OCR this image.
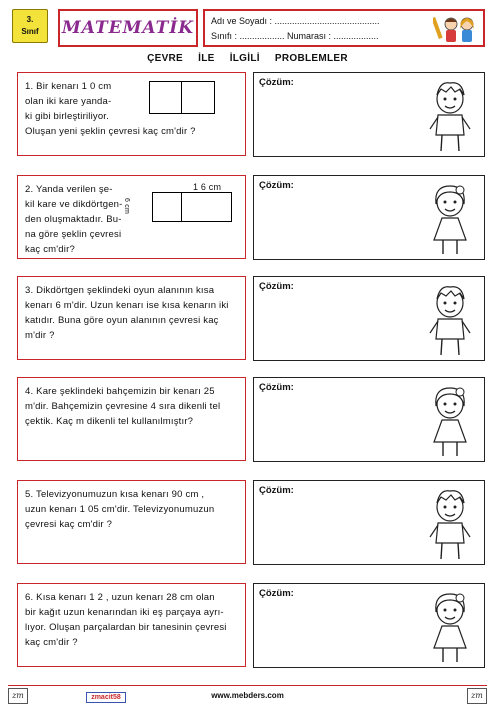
3.
Sınıf	MATEMATİK Adı ve Soyadı : ..........................................
Sınıfı : .................. Numarası : ..................
ÇEVRE İLE İLGİLİ PROBLEMLER
1. Bir kenarı 1 0 cm
olan iki kare yanda-
ki gibi birleştiriliyor.
Oluşan yeni şeklin çevresi kaç cm'dir ?
Çözüm:
2. Yanda verilen şe-
kil kare ve dikdörtgen-
den oluşmaktadır. Bu-
na göre şeklin çevresi
kaç cm'dir?
1 6 cm
6 cm
Çözüm:
3. Dikdörtgen şeklindeki oyun alanının kısa
kenarı 6 m'dir. Uzun kenarı ise kısa kenarın iki
katıdır. Buna göre oyun alanının çevresi kaç
m'dir ?
Çözüm:
4. Kare şeklindeki bahçemizin bir kenarı 25
m'dir. Bahçemizin çevresine 4 sıra dikenli tel
çektik. Kaç m dikenli tel kullanılmıştır?
Çözüm:
5. Televizyonumuzun kısa kenarı 90 cm ,
uzun kenarı 1 05 cm'dir. Televizyonumuzun
çevresi kaç cm'dir ?
Çözüm:
6. Kısa kenarı 1 2 , uzun kenarı 28 cm olan
bir kağıt uzun kenarından iki eş parçaya ayrı-
lıyor. Oluşan parçalardan bir tanesinin çevresi
kaç cm'dir ?
Çözüm:
zm	zmacit58	www.mebders.com	zm
